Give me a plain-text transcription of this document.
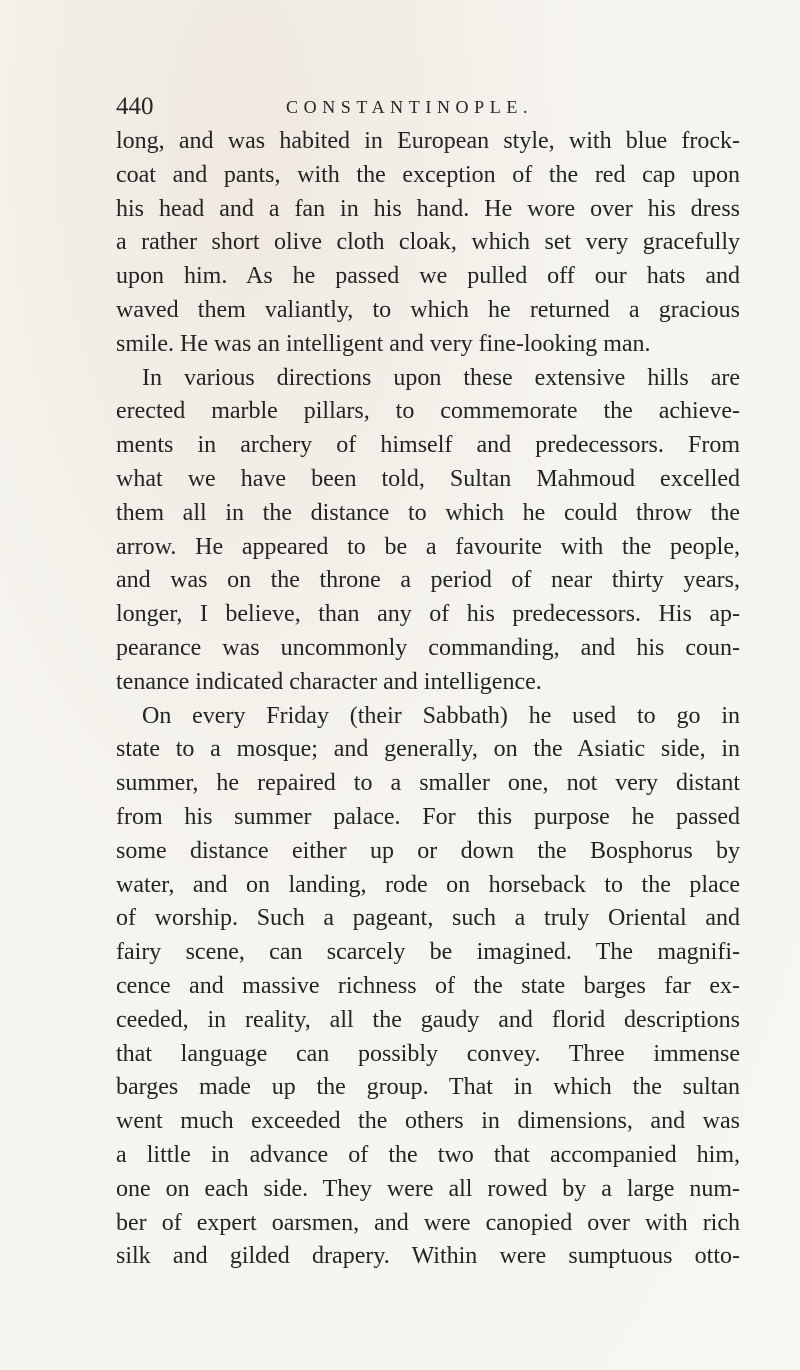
440	CONSTANTINOPLE.
long, and was habited in European style, with blue frock-
coat and pants, with the exception of the red cap upon
his head and a fan in his hand. He wore over his dress
a rather short olive cloth cloak, which set very gracefully
upon him. As he passed we pulled off our hats and
waved them valiantly, to which he returned a gracious
smile. He was an intelligent and very fine-looking man.
In various directions upon these extensive hills are
erected marble pillars, to commemorate the achieve-
ments in archery of himself and predecessors. From
what we have been told, Sultan Mahmoud excelled
them all in the distance to which he could throw the
arrow. He appeared to be a favourite with the people,
and was on the throne a period of near thirty years,
longer, I believe, than any of his predecessors. His ap-
pearance was uncommonly commanding, and his coun-
tenance indicated character and intelligence.
On every Friday (their Sabbath) he used to go in
state to a mosque; and generally, on the Asiatic side, in
summer, he repaired to a smaller one, not very distant
from his summer palace. For this purpose he passed
some distance either up or down the Bosphorus by
water, and on landing, rode on horseback to the place
of worship. Such a pageant, such a truly Oriental and
fairy scene, can scarcely be imagined. The magnifi-
cence and massive richness of the state barges far ex-
ceeded, in reality, all the gaudy and florid descriptions
that language can possibly convey. Three immense
barges made up the group. That in which the sultan
went much exceeded the others in dimensions, and was
a little in advance of the two that accompanied him,
one on each side. They were all rowed by a large num-
ber of expert oarsmen, and were canopied over with rich
silk and gilded drapery. Within were sumptuous otto-
